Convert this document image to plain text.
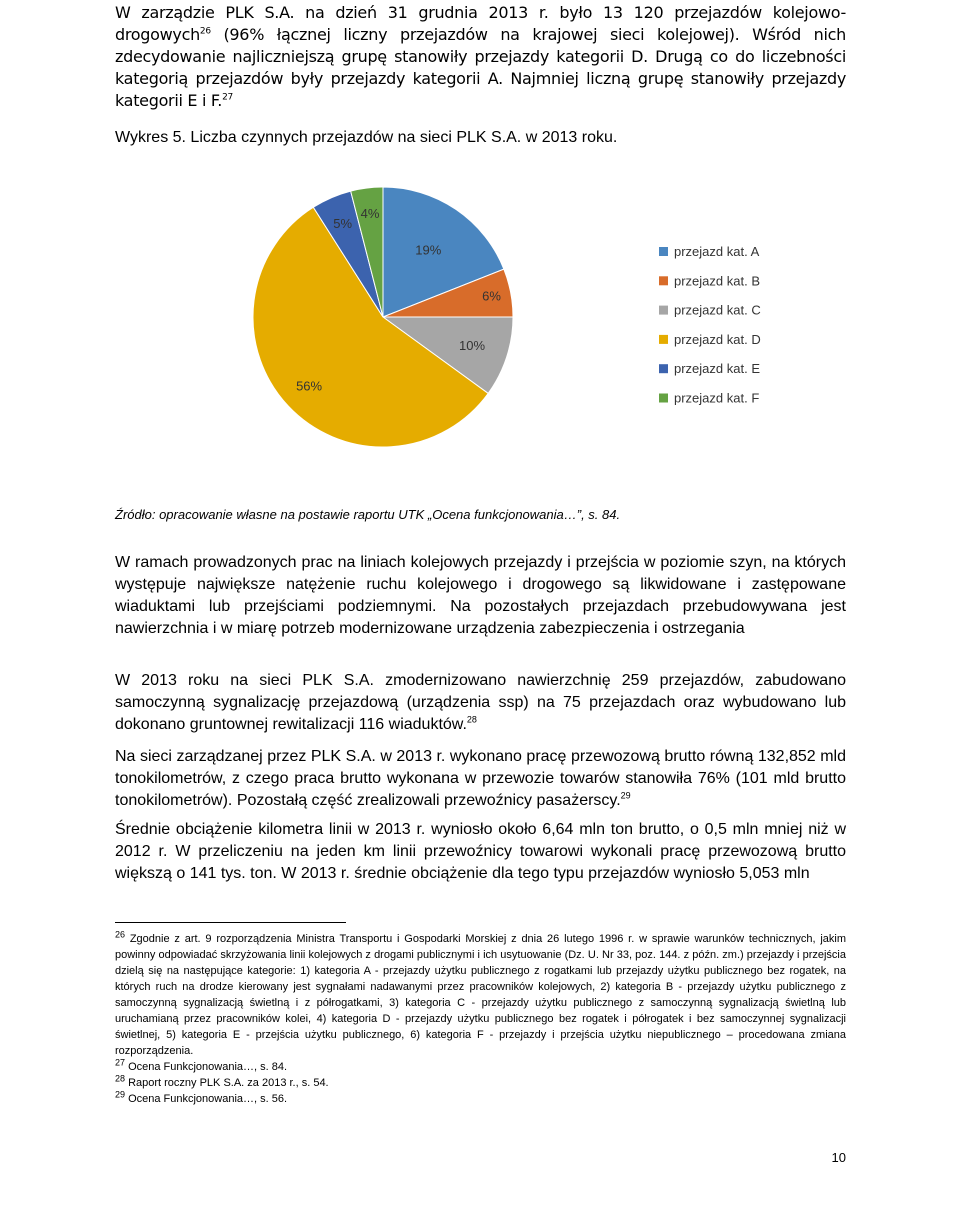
W zarządzie PLK S.A. na dzień 31 grudnia 2013 r. było 13 120 przejazdów kolejowo-drogowych$^{26}$ (96% łącznej liczny przejazdów na krajowej sieci kolejowej). Wśród nich zdecydowanie najliczniejszą grupę stanowiły przejazdy kategorii D. Drugą co do liczebności kategorią przejazdów były przejazdy kategorii A. Najmniej liczną grupę stanowiły przejazdy kategorii E i F.$^{27}$
Wykres 5. Liczba czynnych przejazdów na sieci PLK S.A. w 2013 roku.
19%
6%
10%
56%
5%
4%
przejazd kat. A
przejazd kat. B
przejazd kat. C
przejazd kat. D
przejazd kat. E
przejazd kat. F
Źródło: opracowanie własne na postawie raportu UTK „Ocena funkcjonowania…”, s. 84.
W ramach prowadzonych prac na liniach kolejowych przejazdy i przejścia w poziomie szyn, na których występuje największe natężenie ruchu kolejowego i drogowego są likwidowane i zastępowane wiaduktami lub przejściami podziemnymi. Na pozostałych przejazdach przebudowywana jest nawierzchnia i w miarę potrzeb modernizowane urządzenia zabezpieczenia i ostrzegania
W 2013 roku na sieci PLK S.A. zmodernizowano nawierzchnię 259 przejazdów, zabudowano samoczynną sygnalizację przejazdową (urządzenia ssp) na 75 przejazdach oraz wybudowano lub dokonano gruntownej rewitalizacji 116 wiaduktów.$^{28}$
Na sieci zarządzanej przez PLK S.A. w 2013 r. wykonano pracę przewozową brutto równą 132,852 mld tonokilometrów, z czego praca brutto wykonana w przewozie towarów stanowiła 76% (101 mld brutto tonokilometrów). Pozostałą część zrealizowali przewoźnicy pasażerscy.$^{29}$
Średnie obciążenie kilometra linii w 2013 r. wyniosło około 6,64 mln ton brutto, o 0,5 mln mniej niż w 2012 r. W przeliczeniu na jeden km linii przewoźnicy towarowi wykonali pracę przewozową brutto większą o 141 tys. ton. W 2013 r. średnie obciążenie dla tego typu przejazdów wyniosło 5,053 mln

$^{26}$ Zgodnie z art. 9 rozporządzenia Ministra Transportu i Gospodarki Morskiej z dnia 26 lutego 1996 r. w sprawie warunków technicznych, jakim powinny odpowiadać skrzyżowania linii kolejowych z drogami publicznymi i ich usytuowanie (Dz. U. Nr 33, poz. 144. z późn. zm.) przejazdy i przejścia dzielą się na następujące kategorie: 1) kategoria A - przejazdy użytku publicznego z rogatkami lub przejazdy użytku publicznego bez rogatek, na których ruch na drodze kierowany jest sygnałami nadawanymi przez pracowników kolejowych, 2) kategoria B - przejazdy użytku publicznego z samoczynną sygnalizacją świetlną i z półrogatkami, 3) kategoria C - przejazdy użytku publicznego z samoczynną sygnalizacją świetlną lub uruchamianą przez pracowników kolei, 4) kategoria D - przejazdy użytku publicznego bez rogatek i półrogatek i bez samoczynnej sygnalizacji świetlnej, 5) kategoria E - przejścia użytku publicznego, 6) kategoria F - przejazdy i przejścia użytku niepublicznego – procedowana zmiana rozporządzenia.

$^{27}$ Ocena Funkcjonowania…, s. 84.

$^{28}$ Raport roczny PLK S.A. za 2013 r., s. 54.

$^{29}$ Ocena Funkcjonowania…, s. 56.

10
